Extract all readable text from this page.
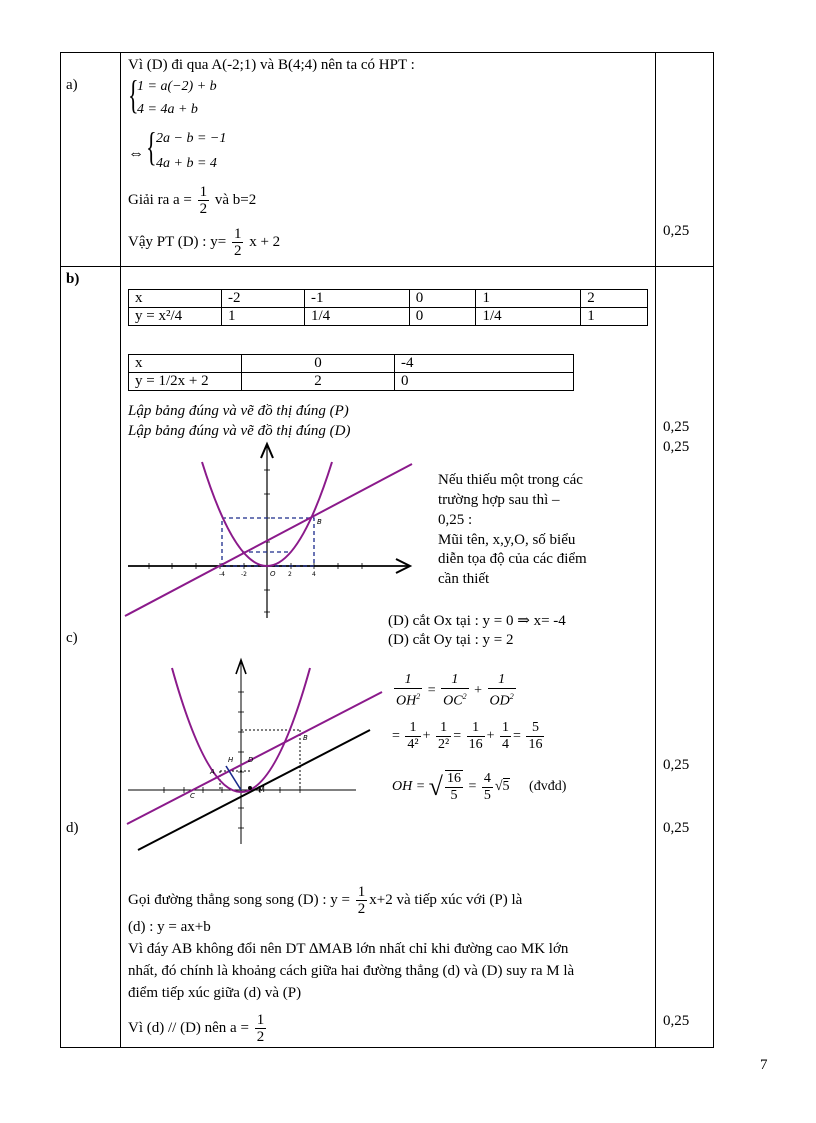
a)
Vì (D) đi qua A(-2;1) và B(4;4) nên ta có HPT :
{
1 = a(−2) + b
4 = 4a + b
⇔ { 2a − b = −1
4a + b = 4
Giải ra $a = \frac{1}{2}$ và b=2
Vậy PT (D) : $y= \frac{1}{2}$ x + 2
0,25
b)
x	-2	-1	0	1	2
y = x²/4	1	1/4	0	1/4	1
x	0	-4
y = 1/2x + 2	2	0
Lập bảng đúng và vẽ đồ thị đúng (P)
Lập bảng đúng và vẽ đồ thị đúng (D)	0,25
0,25
B
O
-4	-2	2	4
Nếu thiếu một trong các
trường hợp sau thì –
0,25 :
Mũi tên, x,y,O, số biểu
diễn tọa độ của các điểm
cần thiết
c)
(D) cắt Ox tại : y = 0 ⇒ x= -4
(D) cắt Oy tại : y = 2
B
H D
A
C
M
$\frac{1}{OH^2} = \frac{1}{OC^2} + \frac{1}{OD^2}$
= $\frac{1}{\text{4²}} + \frac{1}{\text{2²}} = \frac{1}{16} + \frac{1}{4} = \frac{5}{16}$
OH = √ $\frac{16}{5} = \frac{4}{5} √5$ (đvđd)
0,25
d)	0,25
Gọi đường thẳng song song (D) : $y = \frac{1}{2} x+2$ và tiếp xúc với (P) là
(d) : y = ax+b
Vì đáy AB không đổi nên DT ∆MAB lớn nhất chỉ khi đường cao MK lớn
nhất, đó chính là khoảng cách giữa hai đường thẳng (d) và (D) suy ra M là
điểm tiếp xúc giữa (d) và (P)
Vì (d) // (D) nên $a = \frac{1}{2}$	0,25
7
